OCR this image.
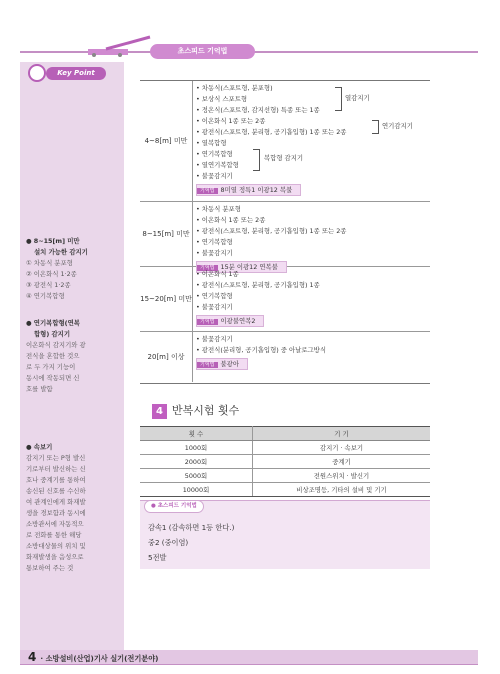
초스피드 기억법
Key Point
● 8~15[m] 미만
설치 가능한 감지기
① 차동식 분포형
② 이온화식 1·2종
③ 광전식 1·2종
④ 연기복합형
● 연기복합형(연복
합형) 감지기
이온화식 감지기와 광
전식을 혼합한 것으
로 두 가지 기능이
동시에 작동되면 신
호를 발함
● 속보기
감지기 또는 P형 발신
기로부터 발신하는 신
호나 중계기를 통하여
송신된 신호를 수신하
여 관계인에게 화재발
생을 경보함과 동시에
소방관서에 자동적으
로 전화를 통한 해당
소방대상물의 위치 및
화재발생을 음성으로
통보하여 주는 것
4~8[m] 미만
• 차동식(스포트형, 분포형)
• 보상식 스포트형
• 정온식(스포트형, 감지선형) 특종 또는 1종
• 이온화식 1종 또는 2종
• 광전식(스포트형, 분리형, 공기흡입형) 1종 또는 2종
• 열복합형
• 연기복합형
• 열연기복합형
• 불꽃감지기
기억법 8미열 정특1 이광12 복불
열감지기
연기감지기
복합형 감지기
8~15[m] 미만
• 차동식 분포형
• 이온화식 1종 또는 2종
• 광전식(스포트형, 분리형, 공기흡입형) 1종 또는 2종
• 연기복합형
• 불꽃감지기
기억법 15분 이광12 연복불
15~20[m] 미만
• 이온화식 1종
• 광전식(스포트형, 분리형, 공기흡입형) 1종
• 연기복합형
• 불꽃감지기
기억법 이광불연복2
20[m] 이상
• 불꽃감지기
• 광전식(분리형, 공기흡입형) 중 아날로그방식
기억법 불광아
4 반복시험 횟수
횟 수	기 기
1000회	감지기 · 속보기
2000회	중계기
5000회	전원스위치 · 발신기
10000회	비상조명등, 기타의 설비 및 기기
● 초스피드 기억법
감속1 (감속하면 1등 한다.)
중2 (중이염)
5전발
4 · 소방설비(산업)기사 실기(전기분야)
